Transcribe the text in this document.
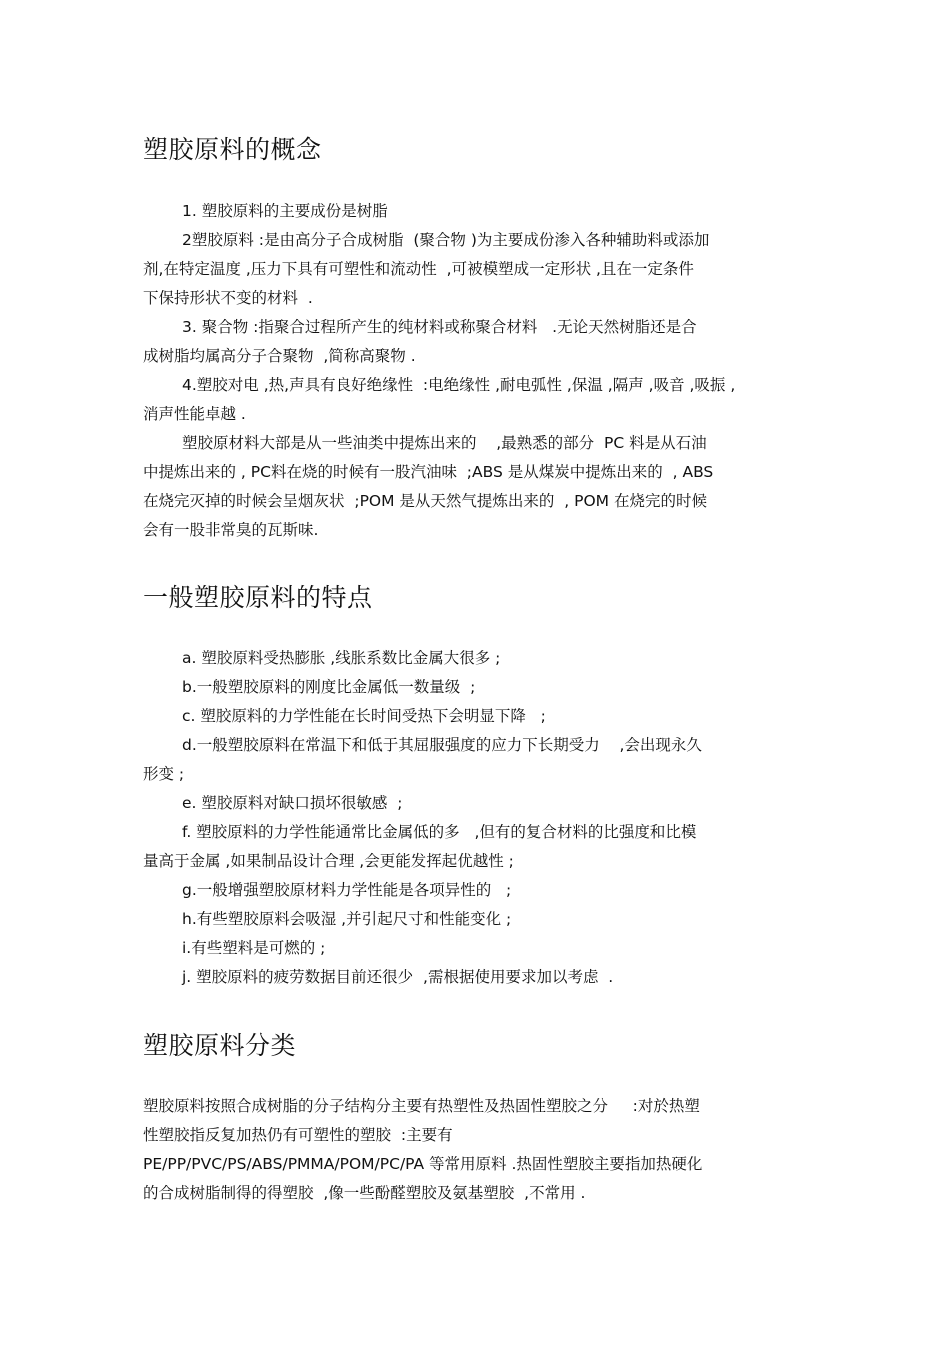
塑胶原料的概念
1. 塑胶原料的主要成份是树脂
2塑胶原料 :是由高分子合成树脂  (聚合物 )为主要成份渗入各种辅助料或添加
剂,在特定温度 ,压力下具有可塑性和流动性  ,可被模塑成一定形状 ,且在一定条件
下保持形状不变的材料  .
3. 聚合物 :指聚合过程所产生的纯材料或称聚合材料   .无论天然树脂还是合
成树脂均属高分子合聚物  ,简称高聚物 .
4.塑胶对电 ,热,声具有良好绝缘性  :电绝缘性 ,耐电弧性 ,保温 ,隔声 ,吸音 ,吸振 ,
消声性能卓越 .
塑胶原材料大部是从一些油类中提炼出来的    ,最熟悉的部分  PC 料是从石油
中提炼出来的 , PC料在烧的时候有一股汽油味  ;ABS 是从煤炭中提炼出来的  , ABS
在烧完灭掉的时候会呈烟灰状  ;POM 是从天然气提炼出来的  , POM 在烧完的时候
会有一股非常臭的瓦斯味.
一般塑胶原料的特点
a. 塑胶原料受热膨胀 ,线胀系数比金属大很多 ;
b.一般塑胶原料的刚度比金属低一数量级  ;
c. 塑胶原料的力学性能在长时间受热下会明显下降   ;
d.一般塑胶原料在常温下和低于其屈服强度的应力下长期受力    ,会出现永久
形变 ;
e. 塑胶原料对缺口损坏很敏感  ;
f. 塑胶原料的力学性能通常比金属低的多   ,但有的复合材料的比强度和比模
量高于金属 ,如果制品设计合理 ,会更能发挥起优越性 ;
g.一般增强塑胶原材料力学性能是各项异性的   ;
h.有些塑胶原料会吸湿 ,并引起尺寸和性能变化 ;
i.有些塑料是可燃的 ;
j. 塑胶原料的疲劳数据目前还很少  ,需根据使用要求加以考虑  .
塑胶原料分类
塑胶原料按照合成树脂的分子结构分主要有热塑性及热固性塑胶之分     :对於热塑
性塑胶指反复加热仍有可塑性的塑胶  :主要有
PE/PP/PVC/PS/ABS/PMMA/POM/PC/PA 等常用原料 .热固性塑胶主要指加热硬化
的合成树脂制得的得塑胶  ,像一些酚醛塑胶及氨基塑胶  ,不常用 .
